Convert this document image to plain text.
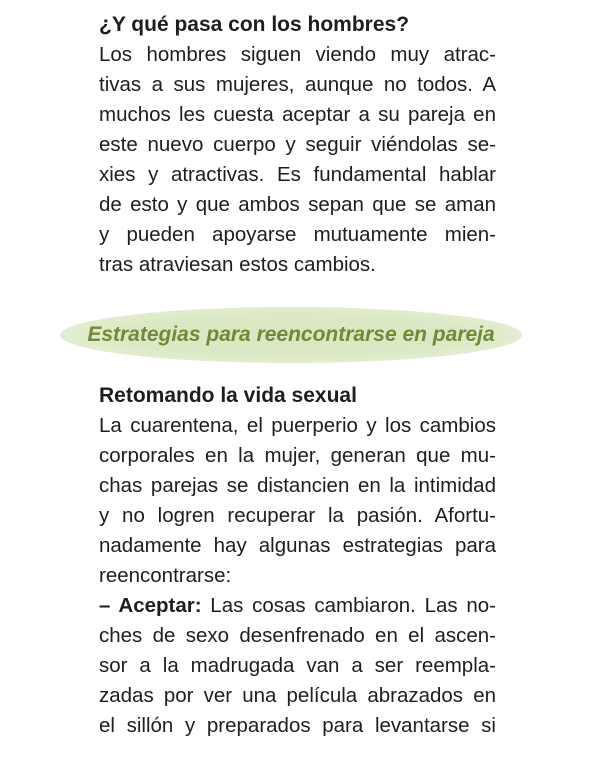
¿Y qué pasa con los hombres?
Los hombres siguen viendo muy atrac-
tivas a sus mujeres, aunque no todos. A
muchos les cuesta aceptar a su pareja en
este nuevo cuerpo y seguir viéndolas se-
xies y atractivas. Es fundamental hablar
de esto y que ambos sepan que se aman
y pueden apoyarse mutuamente mien-
tras atraviesan estos cambios.
Estrategias para reencontrarse en pareja
Retomando la vida sexual
La cuarentena, el puerperio y los cambios
corporales en la mujer, generan que mu-
chas parejas se distancien en la intimidad
y no logren recuperar la pasión. Afortu-
nadamente hay algunas estrategias para
reencontrarse:
– Aceptar: Las cosas cambiaron. Las no-
ches de sexo desenfrenado en el ascen-
sor a la madrugada van a ser reempla-
zadas por ver una película abrazados en
el sillón y preparados para levantarse si
